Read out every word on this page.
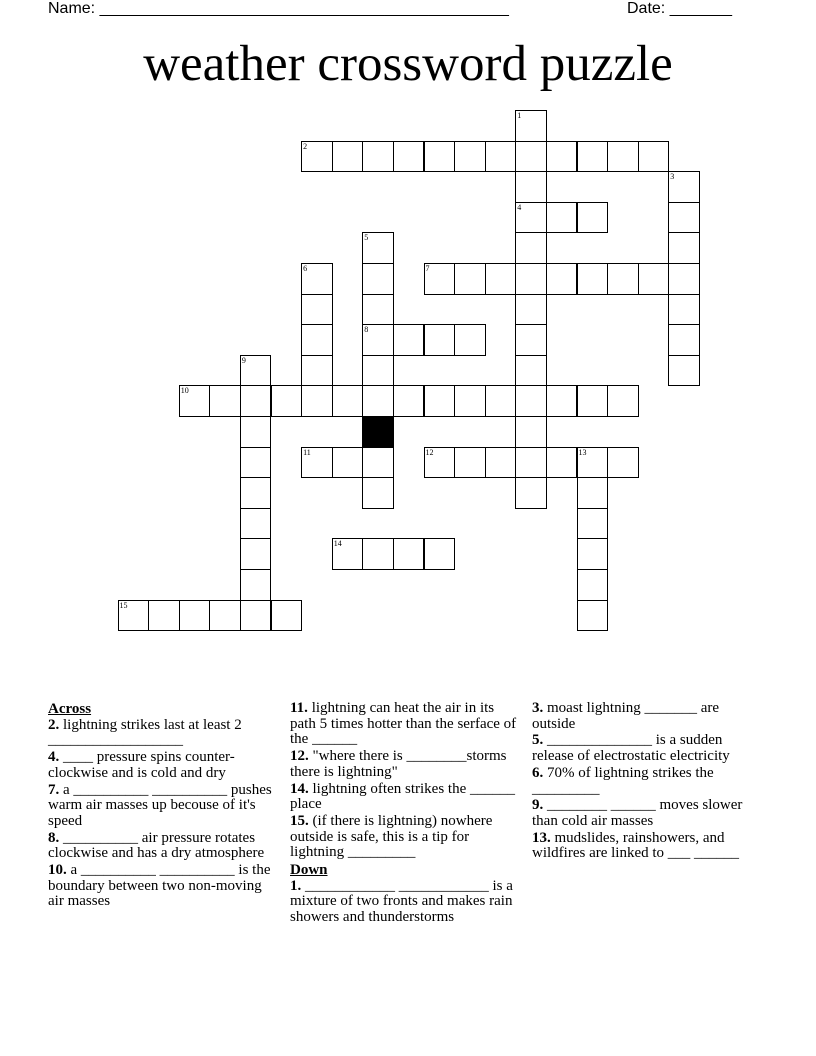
Name: ______________________________________________	Date: _______
weather crossword puzzle
1
4
2
3
5
8
6	7
9
10
11	12	13
14
15
Across
2. lightning strikes last at least 2 __________________
4. ____ pressure spins counter-clockwise and is cold and dry
7. a __________ __________ pushes warm air masses up becouse of it's speed
8. __________ air pressure rotates clockwise and has a dry atmosphere
10. a __________ __________ is the boundary between two non-moving air masses
11. lightning can heat the air in its path 5 times hotter than the serface of the ______
12. "where there is ________storms there is lightning"
14. lightning often strikes the ______ place
15. (if there is lightning) nowhere outside is safe, this is a tip for lightning _________
Down
1. ____________ ____________ is a mixture of two fronts and makes rain showers and thunderstorms
3. moast lightning _______ are outside
5. ______________ is a sudden release of electrostatic electricity
6. 70% of lightning strikes the _________
9. ________ ______ moves slower than cold air masses
13. mudslides, rainshowers, and wildfires are linked to ___ ______
